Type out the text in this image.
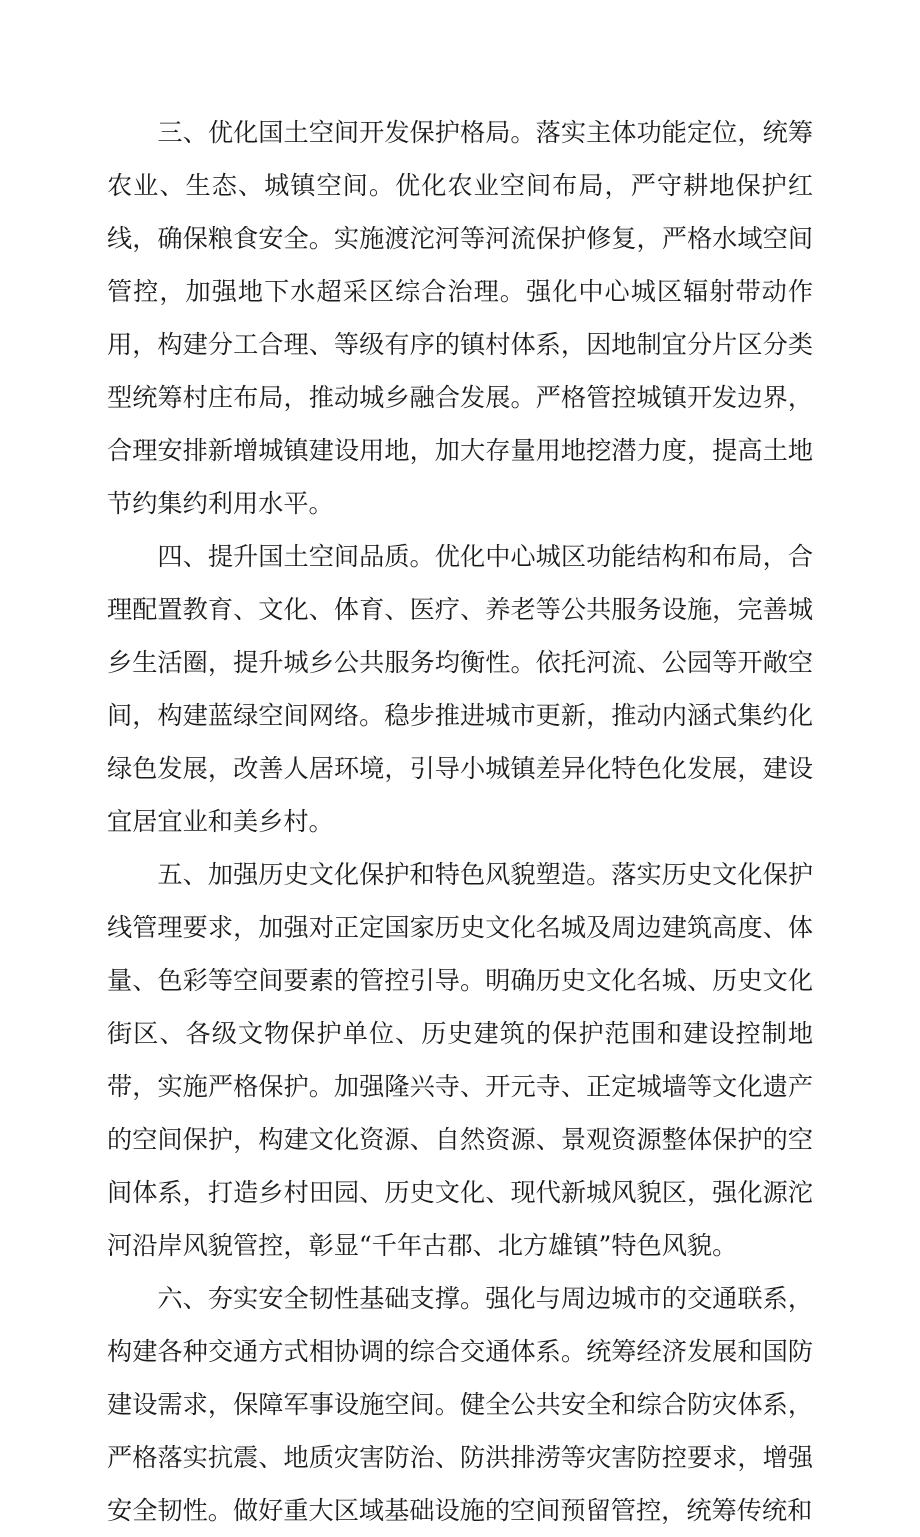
三、优化国土空间开发保护格局。落实主体功能定位，统筹农业、生态、城镇空间。优化农业空间布局，严守耕地保护红线，确保粮食安全。实施渡沱河等河流保护修复，严格水域空间管控，加强地下水超采区综合治理。强化中心城区辐射带动作用，构建分工合理、等级有序的镇村体系，因地制宜分片区分类型统筹村庄布局，推动城乡融合发展。严格管控城镇开发边界，合理安排新增城镇建设用地，加大存量用地挖潜力度，提高土地节约集约利用水平。

四、提升国土空间品质。优化中心城区功能结构和布局，合理配置教育、文化、体育、医疗、养老等公共服务设施，完善城乡生活圈，提升城乡公共服务均衡性。依托河流、公园等开敞空间，构建蓝绿空间网络。稳步推进城市更新，推动内涵式集约化绿色发展，改善人居环境，引导小城镇差异化特色化发展，建设宜居宜业和美乡村。

五、加强历史文化保护和特色风貌塑造。落实历史文化保护线管理要求，加强对正定国家历史文化名城及周边建筑高度、体量、色彩等空间要素的管控引导。明确历史文化名城、历史文化街区、各级文物保护单位、历史建筑的保护范围和建设控制地带，实施严格保护。加强隆兴寺、开元寺、正定城墙等文化遗产的空间保护，构建文化资源、自然资源、景观资源整体保护的空间体系，打造乡村田园、历史文化、现代新城风貌区，强化源沱河沿岸风貌管控，彰显“千年古郡、北方雄镇”特色风貌。

六、夯实安全韧性基础支撑。强化与周边城市的交通联系，构建各种交通方式相协调的综合交通体系。统筹经济发展和国防建设需求，保障军事设施空间。健全公共安全和综合防灾体系，严格落实抗震、地质灾害防治、防洪排涝等灾害防控要求，增强安全韧性。做好重大区域基础设施的空间预留管控，统筹传统和
